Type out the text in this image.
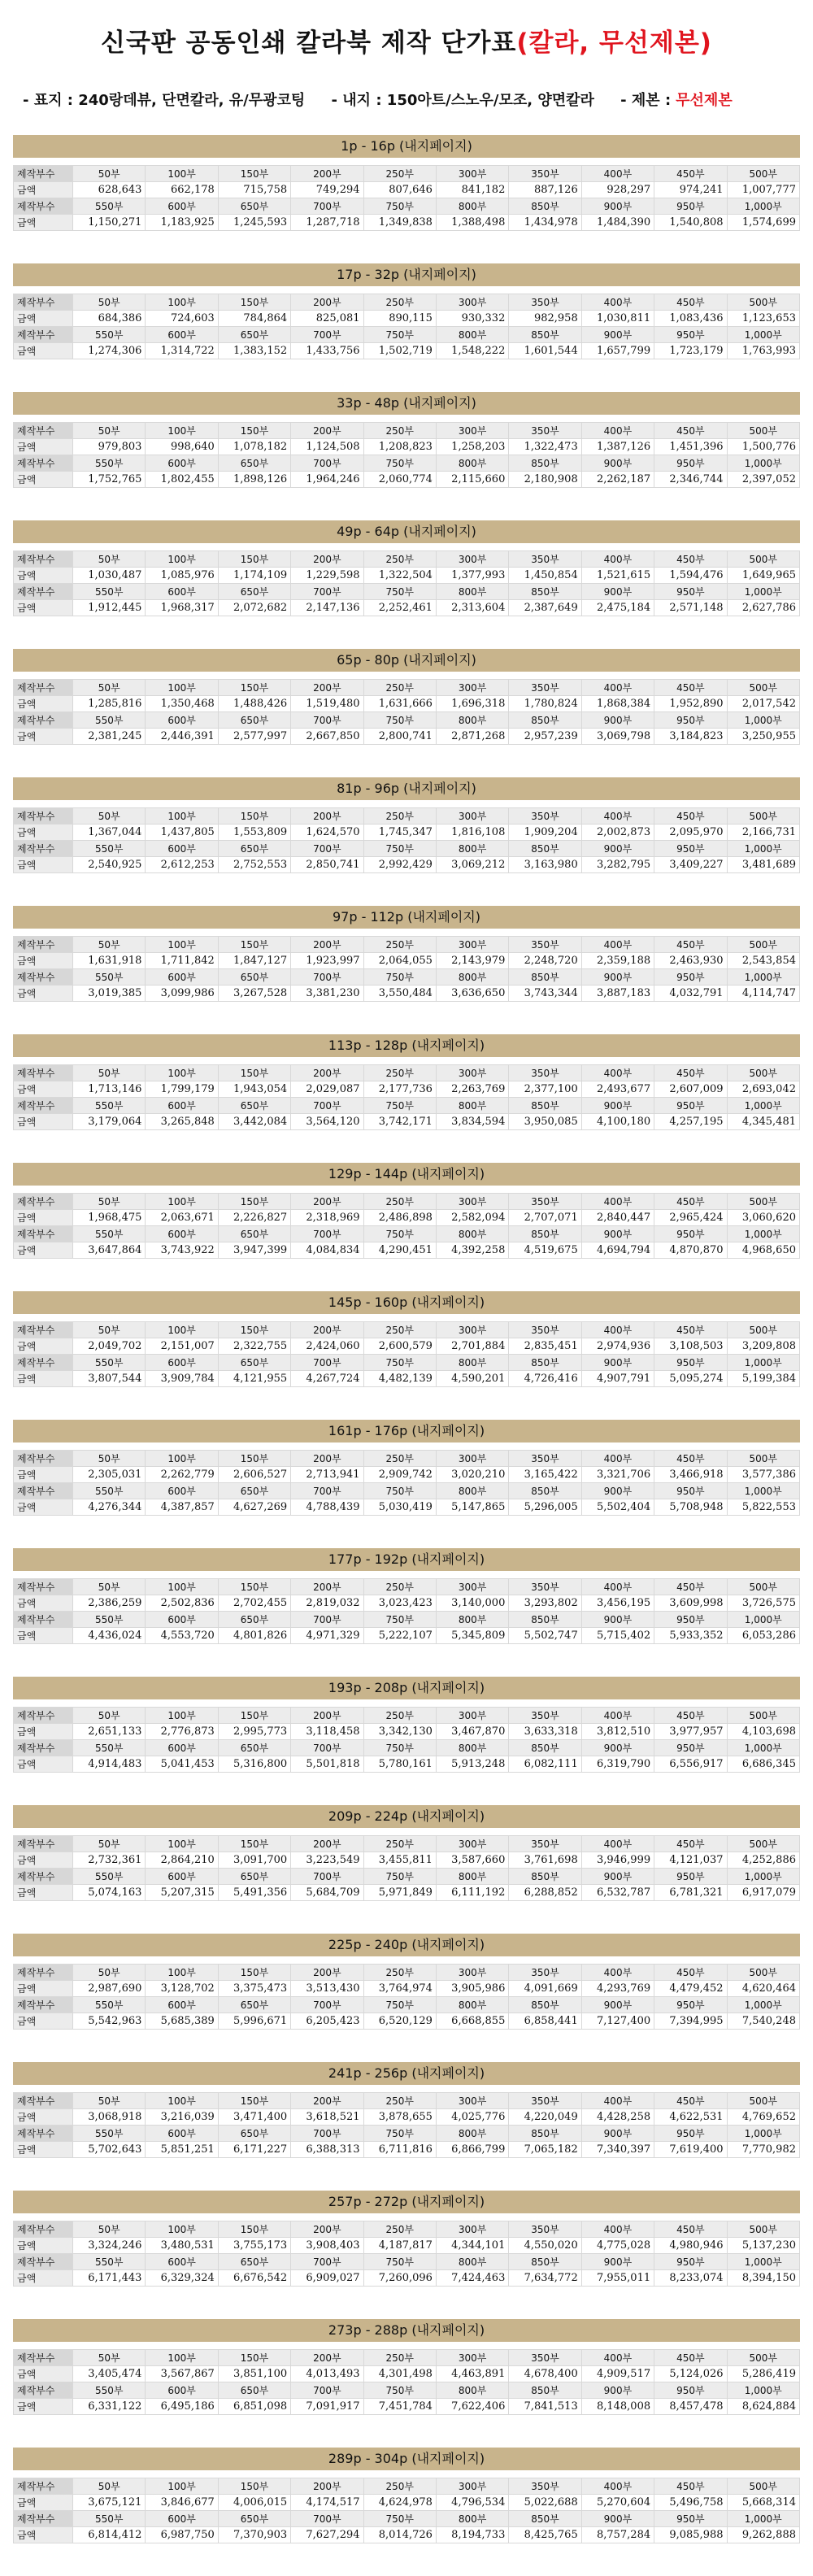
신국판 공동인쇄 칼라북 제작 단가표(칼라, 무선제본)
- 표지 : 240랑데뷰, 단면칼라, 유/무광코팅 - 내지 : 150아트/스노우/모조, 양면칼라 - 제본 : 무선제본
1p - 16p (내지페이지)
제작부수	50부	100부	150부	200부	250부	300부	350부	400부	450부	500부
금액	628,643	662,178	715,758	749,294	807,646	841,182	887,126	928,297	974,241	1,007,777
제작부수	550부	600부	650부	700부	750부	800부	850부	900부	950부	1,000부
금액	1,150,271	1,183,925	1,245,593	1,287,718	1,349,838	1,388,498	1,434,978	1,484,390	1,540,808	1,574,699
17p - 32p (내지페이지)
제작부수	50부	100부	150부	200부	250부	300부	350부	400부	450부	500부
금액	684,386	724,603	784,864	825,081	890,115	930,332	982,958	1,030,811	1,083,436	1,123,653
제작부수	550부	600부	650부	700부	750부	800부	850부	900부	950부	1,000부
금액	1,274,306	1,314,722	1,383,152	1,433,756	1,502,719	1,548,222	1,601,544	1,657,799	1,723,179	1,763,993
33p - 48p (내지페이지)
제작부수	50부	100부	150부	200부	250부	300부	350부	400부	450부	500부
금액	979,803	998,640	1,078,182	1,124,508	1,208,823	1,258,203	1,322,473	1,387,126	1,451,396	1,500,776
제작부수	550부	600부	650부	700부	750부	800부	850부	900부	950부	1,000부
금액	1,752,765	1,802,455	1,898,126	1,964,246	2,060,774	2,115,660	2,180,908	2,262,187	2,346,744	2,397,052
49p - 64p (내지페이지)
제작부수	50부	100부	150부	200부	250부	300부	350부	400부	450부	500부
금액	1,030,487	1,085,976	1,174,109	1,229,598	1,322,504	1,377,993	1,450,854	1,521,615	1,594,476	1,649,965
제작부수	550부	600부	650부	700부	750부	800부	850부	900부	950부	1,000부
금액	1,912,445	1,968,317	2,072,682	2,147,136	2,252,461	2,313,604	2,387,649	2,475,184	2,571,148	2,627,786
65p - 80p (내지페이지)
제작부수	50부	100부	150부	200부	250부	300부	350부	400부	450부	500부
금액	1,285,816	1,350,468	1,488,426	1,519,480	1,631,666	1,696,318	1,780,824	1,868,384	1,952,890	2,017,542
제작부수	550부	600부	650부	700부	750부	800부	850부	900부	950부	1,000부
금액	2,381,245	2,446,391	2,577,997	2,667,850	2,800,741	2,871,268	2,957,239	3,069,798	3,184,823	3,250,955
81p - 96p (내지페이지)
제작부수	50부	100부	150부	200부	250부	300부	350부	400부	450부	500부
금액	1,367,044	1,437,805	1,553,809	1,624,570	1,745,347	1,816,108	1,909,204	2,002,873	2,095,970	2,166,731
제작부수	550부	600부	650부	700부	750부	800부	850부	900부	950부	1,000부
금액	2,540,925	2,612,253	2,752,553	2,850,741	2,992,429	3,069,212	3,163,980	3,282,795	3,409,227	3,481,689
97p - 112p (내지페이지)
제작부수	50부	100부	150부	200부	250부	300부	350부	400부	450부	500부
금액	1,631,918	1,711,842	1,847,127	1,923,997	2,064,055	2,143,979	2,248,720	2,359,188	2,463,930	2,543,854
제작부수	550부	600부	650부	700부	750부	800부	850부	900부	950부	1,000부
금액	3,019,385	3,099,986	3,267,528	3,381,230	3,550,484	3,636,650	3,743,344	3,887,183	4,032,791	4,114,747
113p - 128p (내지페이지)
제작부수	50부	100부	150부	200부	250부	300부	350부	400부	450부	500부
금액	1,713,146	1,799,179	1,943,054	2,029,087	2,177,736	2,263,769	2,377,100	2,493,677	2,607,009	2,693,042
제작부수	550부	600부	650부	700부	750부	800부	850부	900부	950부	1,000부
금액	3,179,064	3,265,848	3,442,084	3,564,120	3,742,171	3,834,594	3,950,085	4,100,180	4,257,195	4,345,481
129p - 144p (내지페이지)
제작부수	50부	100부	150부	200부	250부	300부	350부	400부	450부	500부
금액	1,968,475	2,063,671	2,226,827	2,318,969	2,486,898	2,582,094	2,707,071	2,840,447	2,965,424	3,060,620
제작부수	550부	600부	650부	700부	750부	800부	850부	900부	950부	1,000부
금액	3,647,864	3,743,922	3,947,399	4,084,834	4,290,451	4,392,258	4,519,675	4,694,794	4,870,870	4,968,650
145p - 160p (내지페이지)
제작부수	50부	100부	150부	200부	250부	300부	350부	400부	450부	500부
금액	2,049,702	2,151,007	2,322,755	2,424,060	2,600,579	2,701,884	2,835,451	2,974,936	3,108,503	3,209,808
제작부수	550부	600부	650부	700부	750부	800부	850부	900부	950부	1,000부
금액	3,807,544	3,909,784	4,121,955	4,267,724	4,482,139	4,590,201	4,726,416	4,907,791	5,095,274	5,199,384
161p - 176p (내지페이지)
제작부수	50부	100부	150부	200부	250부	300부	350부	400부	450부	500부
금액	2,305,031	2,262,779	2,606,527	2,713,941	2,909,742	3,020,210	3,165,422	3,321,706	3,466,918	3,577,386
제작부수	550부	600부	650부	700부	750부	800부	850부	900부	950부	1,000부
금액	4,276,344	4,387,857	4,627,269	4,788,439	5,030,419	5,147,865	5,296,005	5,502,404	5,708,948	5,822,553
177p - 192p (내지페이지)
제작부수	50부	100부	150부	200부	250부	300부	350부	400부	450부	500부
금액	2,386,259	2,502,836	2,702,455	2,819,032	3,023,423	3,140,000	3,293,802	3,456,195	3,609,998	3,726,575
제작부수	550부	600부	650부	700부	750부	800부	850부	900부	950부	1,000부
금액	4,436,024	4,553,720	4,801,826	4,971,329	5,222,107	5,345,809	5,502,747	5,715,402	5,933,352	6,053,286
193p - 208p (내지페이지)
제작부수	50부	100부	150부	200부	250부	300부	350부	400부	450부	500부
금액	2,651,133	2,776,873	2,995,773	3,118,458	3,342,130	3,467,870	3,633,318	3,812,510	3,977,957	4,103,698
제작부수	550부	600부	650부	700부	750부	800부	850부	900부	950부	1,000부
금액	4,914,483	5,041,453	5,316,800	5,501,818	5,780,161	5,913,248	6,082,111	6,319,790	6,556,917	6,686,345
209p - 224p (내지페이지)
제작부수	50부	100부	150부	200부	250부	300부	350부	400부	450부	500부
금액	2,732,361	2,864,210	3,091,700	3,223,549	3,455,811	3,587,660	3,761,698	3,946,999	4,121,037	4,252,886
제작부수	550부	600부	650부	700부	750부	800부	850부	900부	950부	1,000부
금액	5,074,163	5,207,315	5,491,356	5,684,709	5,971,849	6,111,192	6,288,852	6,532,787	6,781,321	6,917,079
225p - 240p (내지페이지)
제작부수	50부	100부	150부	200부	250부	300부	350부	400부	450부	500부
금액	2,987,690	3,128,702	3,375,473	3,513,430	3,764,974	3,905,986	4,091,669	4,293,769	4,479,452	4,620,464
제작부수	550부	600부	650부	700부	750부	800부	850부	900부	950부	1,000부
금액	5,542,963	5,685,389	5,996,671	6,205,423	6,520,129	6,668,855	6,858,441	7,127,400	7,394,995	7,540,248
241p - 256p (내지페이지)
제작부수	50부	100부	150부	200부	250부	300부	350부	400부	450부	500부
금액	3,068,918	3,216,039	3,471,400	3,618,521	3,878,655	4,025,776	4,220,049	4,428,258	4,622,531	4,769,652
제작부수	550부	600부	650부	700부	750부	800부	850부	900부	950부	1,000부
금액	5,702,643	5,851,251	6,171,227	6,388,313	6,711,816	6,866,799	7,065,182	7,340,397	7,619,400	7,770,982
257p - 272p (내지페이지)
제작부수	50부	100부	150부	200부	250부	300부	350부	400부	450부	500부
금액	3,324,246	3,480,531	3,755,173	3,908,403	4,187,817	4,344,101	4,550,020	4,775,028	4,980,946	5,137,230
제작부수	550부	600부	650부	700부	750부	800부	850부	900부	950부	1,000부
금액	6,171,443	6,329,324	6,676,542	6,909,027	7,260,096	7,424,463	7,634,772	7,955,011	8,233,074	8,394,150
273p - 288p (내지페이지)
제작부수	50부	100부	150부	200부	250부	300부	350부	400부	450부	500부
금액	3,405,474	3,567,867	3,851,100	4,013,493	4,301,498	4,463,891	4,678,400	4,909,517	5,124,026	5,286,419
제작부수	550부	600부	650부	700부	750부	800부	850부	900부	950부	1,000부
금액	6,331,122	6,495,186	6,851,098	7,091,917	7,451,784	7,622,406	7,841,513	8,148,008	8,457,478	8,624,884
289p - 304p (내지페이지)
제작부수	50부	100부	150부	200부	250부	300부	350부	400부	450부	500부
금액	3,675,121	3,846,677	4,006,015	4,174,517	4,624,978	4,796,534	5,022,688	5,270,604	5,496,758	5,668,314
제작부수	550부	600부	650부	700부	750부	800부	850부	900부	950부	1,000부
금액	6,814,412	6,987,750	7,370,903	7,627,294	8,014,726	8,194,733	8,425,765	8,757,284	9,085,988	9,262,888
